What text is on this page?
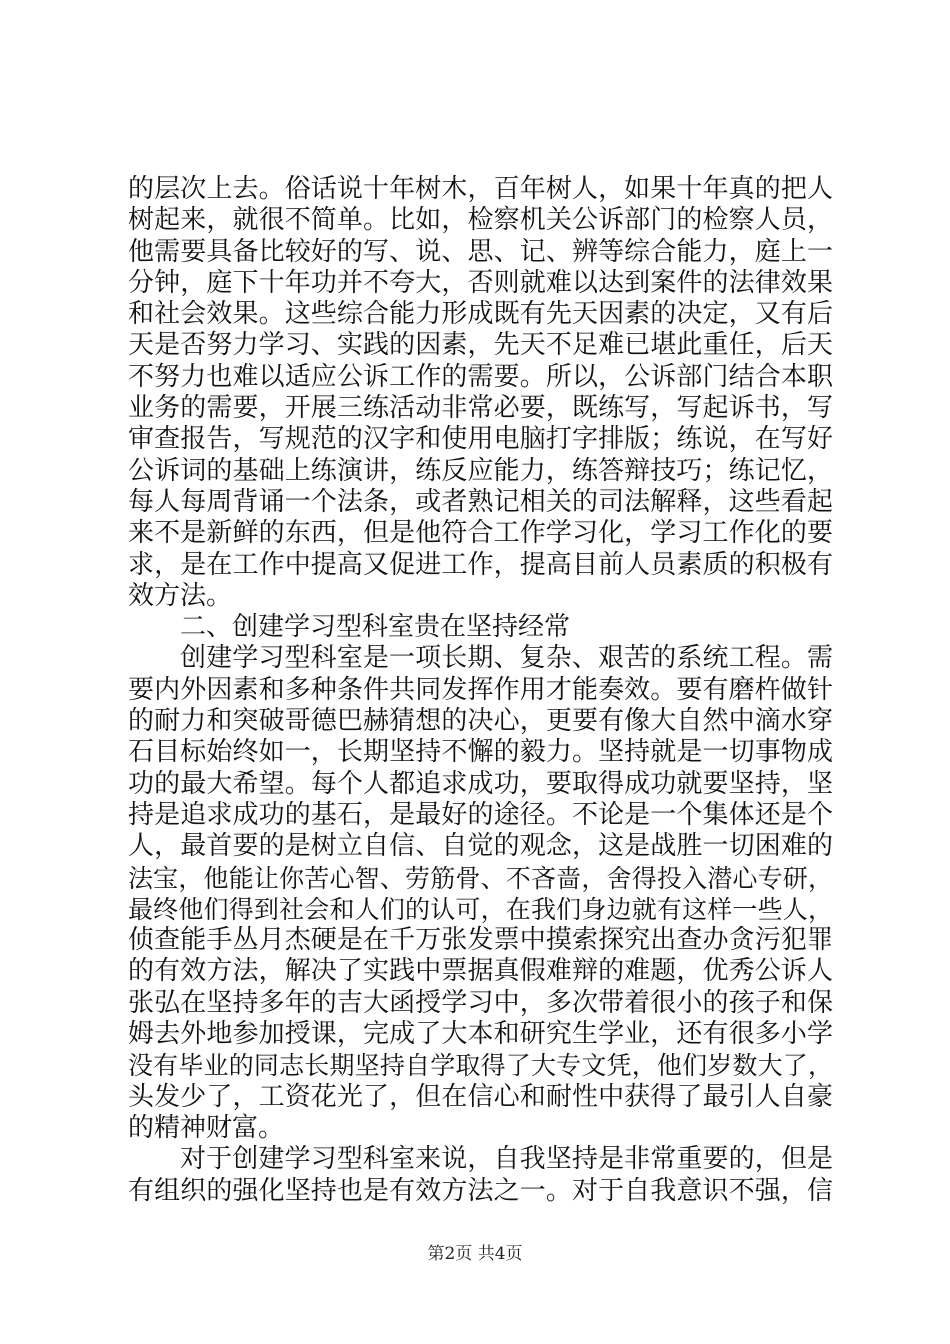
的层次上去。俗话说十年树木，百年树人，如果十年真的把人
树起来，就很不简单。比如，检察机关公诉部门的检察人员，
他需要具备比较好的写、说、思、记、辨等综合能力，庭上一
分钟，庭下十年功并不夸大，否则就难以达到案件的法律效果
和社会效果。这些综合能力形成既有先天因素的决定，又有后
天是否努力学习、实践的因素，先天不足难已堪此重任，后天
不努力也难以适应公诉工作的需要。所以，公诉部门结合本职
业务的需要，开展三练活动非常必要，既练写，写起诉书，写
审查报告，写规范的汉字和使用电脑打字排版；练说，在写好
公诉词的基础上练演讲，练反应能力，练答辩技巧；练记忆，
每人每周背诵一个法条，或者熟记相关的司法解释，这些看起
来不是新鲜的东西，但是他符合工作学习化，学习工作化的要
求，是在工作中提高又促进工作，提高目前人员素质的积极有
效方法。
二、创建学习型科室贵在坚持经常
创建学习型科室是一项长期、复杂、艰苦的系统工程。需
要内外因素和多种条件共同发挥作用才能奏效。要有磨杵做针
的耐力和突破哥德巴赫猜想的决心，更要有像大自然中滴水穿
石目标始终如一，长期坚持不懈的毅力。坚持就是一切事物成
功的最大希望。每个人都追求成功，要取得成功就要坚持，坚
持是追求成功的基石，是最好的途径。不论是一个集体还是个
人，最首要的是树立自信、自觉的观念，这是战胜一切困难的
法宝，他能让你苦心智、劳筋骨、不吝啬，舍得投入潜心专研，
最终他们得到社会和人们的认可，在我们身边就有这样一些人，
侦查能手丛月杰硬是在千万张发票中摸索探究出查办贪污犯罪
的有效方法，解决了实践中票据真假难辩的难题，优秀公诉人
张弘在坚持多年的吉大函授学习中，多次带着很小的孩子和保
姆去外地参加授课，完成了大本和研究生学业，还有很多小学
没有毕业的同志长期坚持自学取得了大专文凭，他们岁数大了，
头发少了，工资花光了，但在信心和耐性中获得了最引人自豪
的精神财富。
对于创建学习型科室来说，自我坚持是非常重要的，但是
有组织的强化坚持也是有效方法之一。对于自我意识不强，信
第2页 共4页
